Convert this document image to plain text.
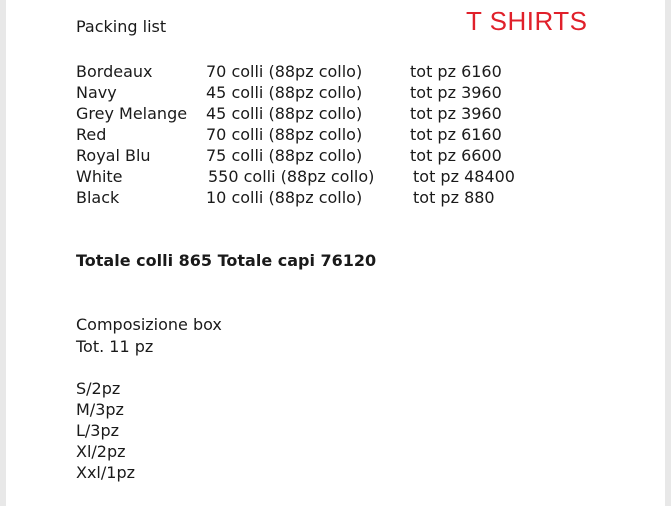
Packing list	T SHIRTS
Bordeaux	70 colli (88pz collo)	tot pz 6160
Navy	45 colli (88pz collo)	tot pz 3960
Grey Melange 45 colli (88pz collo)	tot pz 3960
Red	70 colli (88pz collo)	tot pz 6160
Royal Blu	75 colli (88pz collo)	tot pz 6600
White	550 colli (88pz collo) tot pz 48400
Black	10 colli (88pz collo)	tot pz 880
Totale colli 865 Totale capi 76120
Composizione box
Tot. 11 pz
S/2pz
M/3pz
L/3pz
Xl/2pz
Xxl/1pz
